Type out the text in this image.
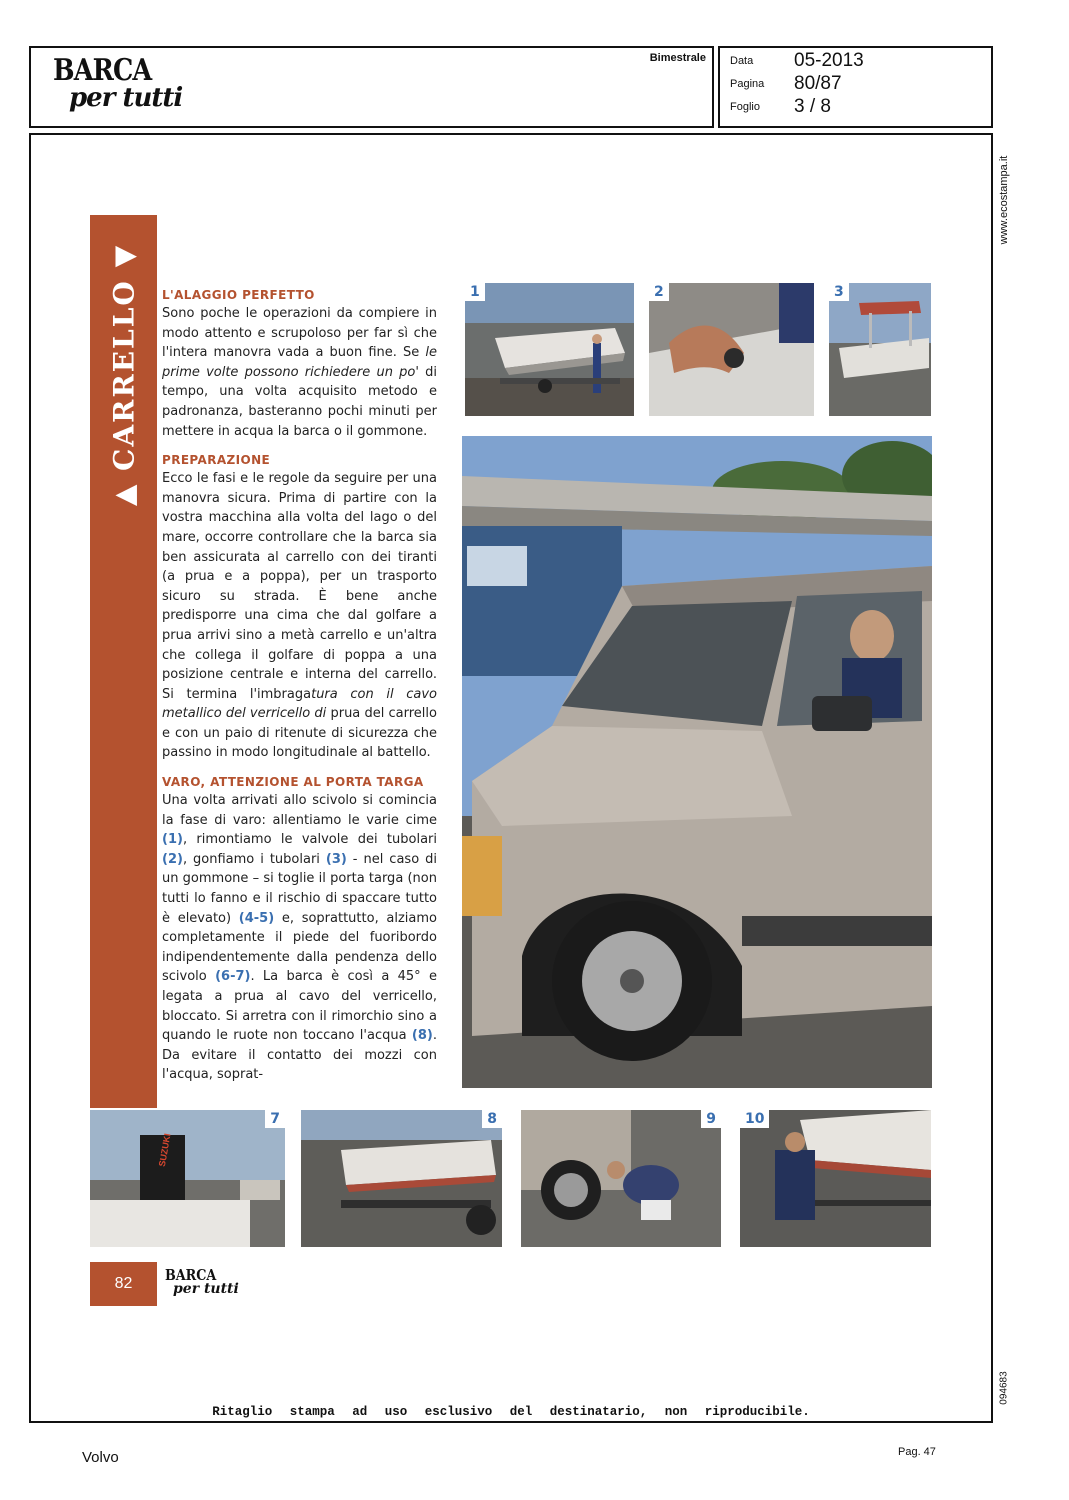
BARCA
per tutti
Bimestrale Data 05-2013
Pagina 80/87
Foglio 3 / 8
www.ecostampa.it
094683
▲ CARRELLO ▼ L'ALAGGIO PERFETTO

Sono poche le operazioni da compiere in modo attento e scrupoloso per far sì che l'intera manovra vada a buon fine. Se le prime volte possono richiedere un po' di tempo, una volta acquisito metodo e padronanza, basteranno pochi minuti per mettere in acqua la barca o il gommone.

PREPARAZIONE

Ecco le fasi e le regole da seguire per una manovra sicura. Prima di partire con la vostra macchina alla volta del lago o del mare, occorre controllare che la barca sia ben assicurata al carrello con dei tiranti (a prua e a poppa), per un trasporto sicuro su strada. È bene anche predisporre una cima che dal golfare a prua arrivi sino a metà carrello e un'altra che collega il golfare di poppa a una posizione centrale e interna del carrello. Si termina l'imbragatura con il cavo metallico del verricello di prua del carrello e con un paio di ritenute di sicurezza che passino in modo longitudinale al battello.

VARO, ATTENZIONE AL PORTA TARGA

Una volta arrivati allo scivolo si comincia la fase di varo: allentiamo le varie cime (1), rimontiamo le valvole dei tubolari (2), gonfiamo i tubolari (3) - nel caso di un gommone – si toglie il porta targa (non tutti lo fanno e il rischio di spaccare tutto è elevato) (4-5) e, soprattutto, alziamo completamente il piede del fuoribordo indipendentemente dalla pendenza dello scivolo (6-7). La barca è così a 45° e legata a prua al cavo del verricello, bloccato. Si arretra con il rimorchio sino a quando le ruote non toccano l'acqua (8). Da evitare il contatto dei mozzi con l'acqua, soprat-

1	2	3
7
SUZUKI
8	9	10
82 BARCA
per tutti
Ritaglio stampa ad uso esclusivo del destinatario, non riproducibile.
Volvo	Pag. 47
